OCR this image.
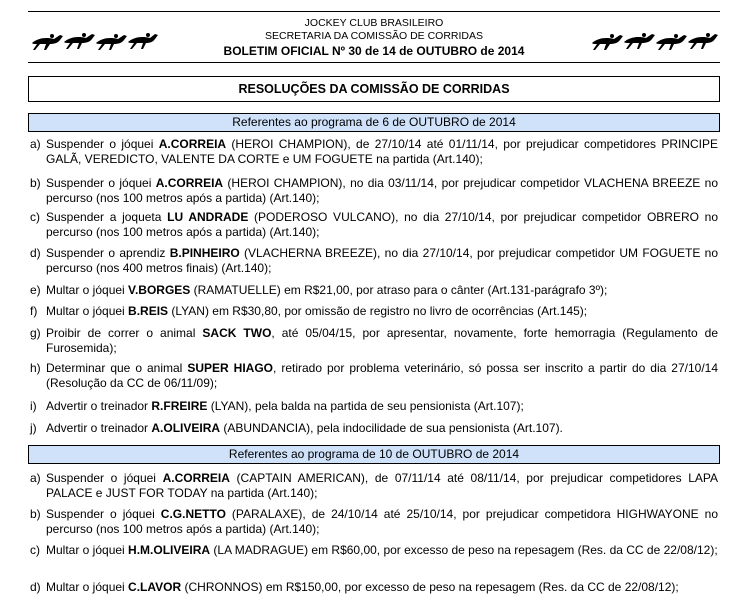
JOCKEY CLUB BRASILEIRO
SECRETARIA DA COMISSÃO DE CORRIDAS
BOLETIM OFICIAL Nº 30 de 14 de OUTUBRO de 2014
RESOLUÇÕES DA COMISSÃO DE CORRIDAS
Referentes ao programa de 6 de OUTUBRO de 2014
a) Suspender o jóquei A.CORREIA (HEROI CHAMPION), de 27/10/14 até 01/11/14, por prejudicar competidores PRINCIPE GALÃ, VEREDICTO, VALENTE DA CORTE e UM FOGUETE na partida (Art.140);
b) Suspender o jóquei A.CORREIA (HEROI CHAMPION), no dia 03/11/14, por prejudicar competidor VLACHENA BREEZE no percurso (nos 100 metros após a partida) (Art.140);
c) Suspender a joqueta LU ANDRADE (PODEROSO VULCANO), no dia 27/10/14, por prejudicar competidor OBRERO no percurso (nos 100 metros após a partida) (Art.140);
d) Suspender o aprendiz B.PINHEIRO (VLACHERNA BREEZE), no dia 27/10/14, por prejudicar competidor UM FOGUETE no percurso (nos 400 metros finais) (Art.140);
e) Multar o jóquei V.BORGES (RAMATUELLE) em R$21,00, por atraso para o cânter (Art.131-parágrafo 3º);
f) Multar o jóquei B.REIS (LYAN) em R$30,80, por omissão de registro no livro de ocorrências (Art.145);
g) Proibir de correr o animal SACK TWO, até 05/04/15, por apresentar, novamente, forte hemorragia (Regulamento de Furosemida);
h) Determinar que o animal SUPER HIAGO, retirado por problema veterinário, só possa ser inscrito a partir do dia 27/10/14 (Resolução da CC de 06/11/09);
i) Advertir o treinador R.FREIRE (LYAN), pela balda na partida de seu pensionista (Art.107);
j) Advertir o treinador A.OLIVEIRA (ABUNDANCIA), pela indocilidade de sua pensionista (Art.107).
Referentes ao programa de 10 de OUTUBRO de 2014
a) Suspender o jóquei A.CORREIA (CAPTAIN AMERICAN), de 07/11/14 até 08/11/14, por prejudicar competidores LAPA PALACE e JUST FOR TODAY na partida (Art.140);
b) Suspender o jóquei C.G.NETTO (PARALAXE), de 24/10/14 até 25/10/14, por prejudicar competidora HIGHWAYONE no percurso (nos 100 metros após a partida) (Art.140);
c) Multar o jóquei H.M.OLIVEIRA (LA MADRAGUE) em R$60,00, por excesso de peso na repesagem (Res. da CC de 22/08/12);
d) Multar o jóquei C.LAVOR (CHRONNOS) em R$150,00, por excesso de peso na repesagem (Res. da CC de 22/08/12);
